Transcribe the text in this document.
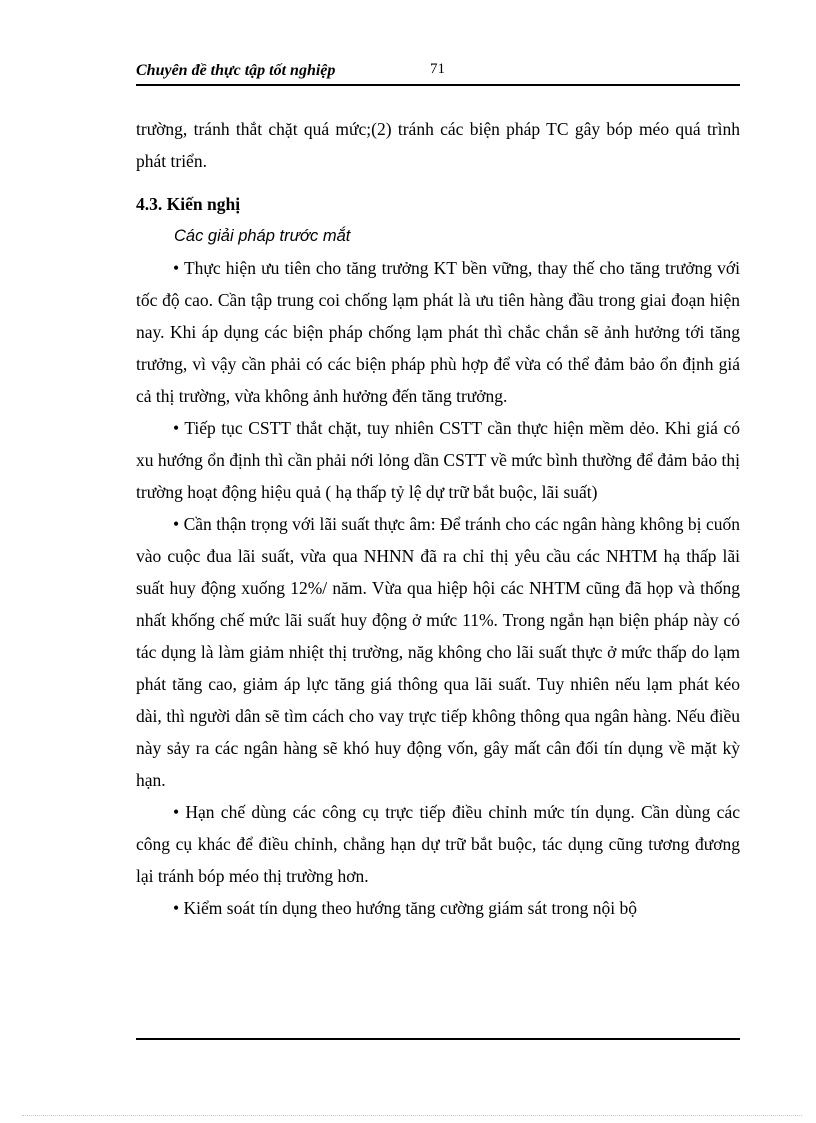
Chuyên đề thực tập tốt nghiệp	71

trường, tránh thắt chặt quá mức;(2) tránh các biện pháp TC gây bóp méo quá trình phát triển.

4.3. Kiến nghị

Các giải pháp trước mắt

• Thực hiện ưu tiên cho tăng trưởng KT bền vững, thay thế cho tăng trưởng với tốc độ cao. Cần tập trung coi chống lạm phát là ưu tiên hàng đầu trong giai đoạn hiện nay. Khi áp dụng các biện pháp chống lạm phát thì chắc chắn sẽ ảnh hưởng tới tăng trưởng, vì vậy cần phải có các biện pháp phù hợp để vừa có thể đảm bảo ổn định giá cả thị trường, vừa không ảnh hưởng đến tăng trưởng.

• Tiếp tục CSTT thắt chặt, tuy nhiên CSTT cần thực hiện mềm dẻo. Khi giá có xu hướng ổn định thì cần phải nới lỏng dần CSTT về mức bình thường để đảm bảo thị trường hoạt động hiệu quả ( hạ thấp tỷ lệ dự trữ bắt buộc, lãi suất)

• Cần thận trọng với lãi suất thực âm: Để tránh cho các ngân hàng không bị cuốn vào cuộc đua lãi suất, vừa qua NHNN đã ra chỉ thị yêu cầu các NHTM hạ thấp lãi suất huy động xuống 12%/ năm. Vừa qua hiệp hội các NHTM cũng đã họp và thống nhất khống chế mức lãi suất huy động ở mức 11%. Trong ngắn hạn biện pháp này có tác dụng là làm giảm nhiệt thị trường, năg không cho lãi suất thực ở mức thấp do lạm phát tăng cao, giảm áp lực tăng giá thông qua lãi suất. Tuy nhiên nếu lạm phát kéo dài, thì người dân sẽ tìm cách cho vay trực tiếp không thông qua ngân hàng. Nếu điều này sảy ra các ngân hàng sẽ khó huy động vốn, gây mất cân đối tín dụng về mặt kỳ hạn.

• Hạn chế dùng các công cụ trực tiếp điều chỉnh mức tín dụng. Cần dùng các công cụ khác để điều chỉnh, chẳng hạn dự trữ bắt buộc, tác dụng cũng tương đương lại tránh bóp méo thị trường hơn.

• Kiểm soát tín dụng theo hướng tăng cường giám sát trong nội bộ
